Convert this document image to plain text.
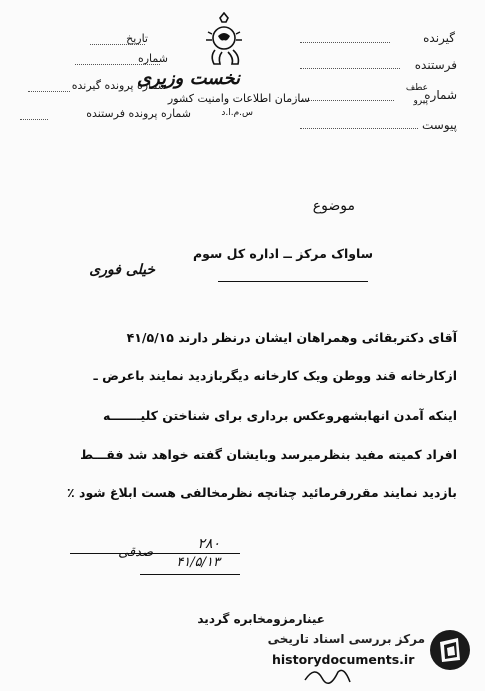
تاریخ
شماره
شماره پرونده گیرنده
شماره پرونده فرستنده
نخست وزیری
سازمان اطلاعات وامنیت کشور
س.م.ا.د
گیرنده
فرستنده
عطف
پیرو
شماره
پیوست
موضوع
ساواک مرکز ــ اداره کل سوم
خیلی فوری
آقای دکتربقائی وهمراهان ایشان درنظر دارند ۴۱/۵/۱۵
ازکارخانه قند ووطن ویک کارخانه دیگربازدید نمایند باعرض ـ
اینکه آمدن انهابشهروعکس برداری برای شناختن کلیـــــــه
افراد کمیته مفید بنظرمیرسد وبایشان گفته خواهد شد فقـــط
بازدید نمایند مقررفرمائید چنانچه نظرمخالفی هست ابلاغ شود ٪
۲۸۰
صدقی
۴۱/۵/۱۳
عینارمزومخابره گردید
مرکز بررسی اسناد تاریخی
historydocuments.ir
